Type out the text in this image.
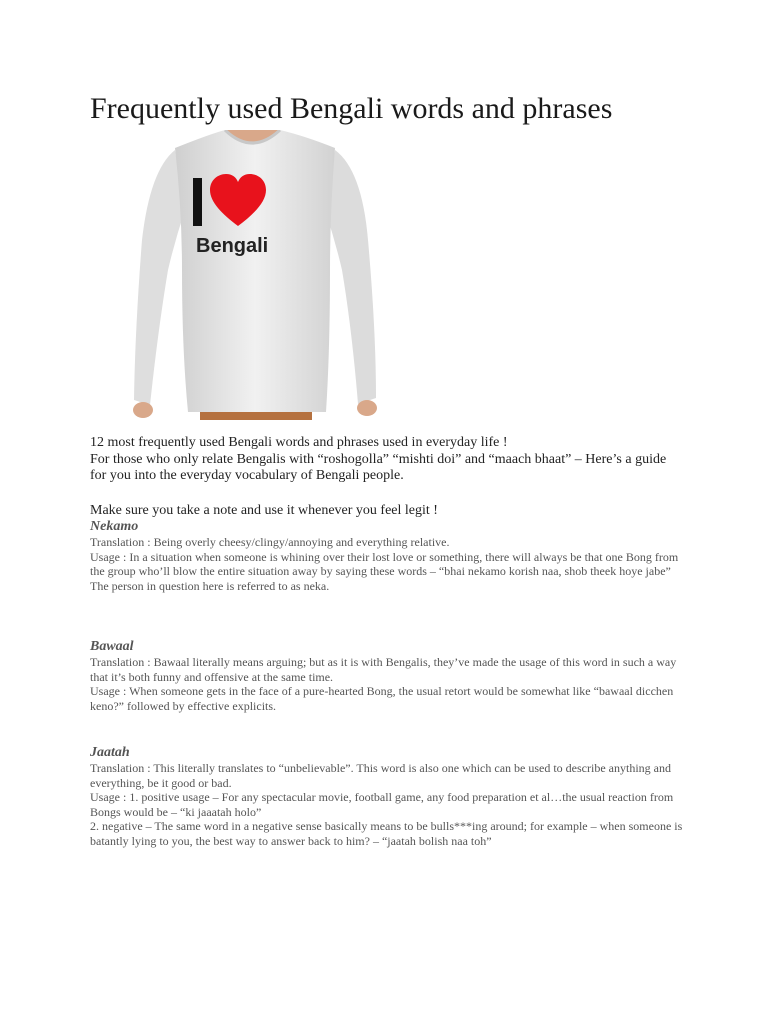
Frequently used Bengali words and phrases
Bengali

12 most frequently used Bengali words and phrases used in everyday life !

For those who only relate Bengalis with “roshogolla” “mishti doi” and “maach bhaat” – Here’s a guide for you into the everyday vocabulary of Bengali people.

Make sure you take a note and use it whenever you feel legit !

Nekamo

Translation : Being overly cheesy/clingy/annoying and everything relative.

Usage : In a situation when someone is whining over their lost love or something, there will always be that one Bong from the group who’ll blow the entire situation away by saying these words – “bhai nekamo korish naa, shob theek hoye jabe”

The person in question here is referred to as neka.

Bawaal

Translation : Bawaal literally means arguing; but as it is with Bengalis, they’ve made the usage of this word in such a way that it’s both funny and offensive at the same time.

Usage : When someone gets in the face of a pure-hearted Bong, the usual retort would be somewhat like “bawaal dicchen keno?” followed by effective explicits.

Jaatah

Translation : This literally translates to “unbelievable”. This word is also one which can be used to describe anything and everything, be it good or bad.

Usage : 1. positive usage – For any spectacular movie, football game, any food preparation et al…the usual reaction from Bongs would be – “ki jaaatah holo”

2. negative – The same word in a negative sense basically means to be bulls***ing around; for example – when someone is batantly lying to you, the best way to answer back to him? – “jaatah bolish naa toh”
